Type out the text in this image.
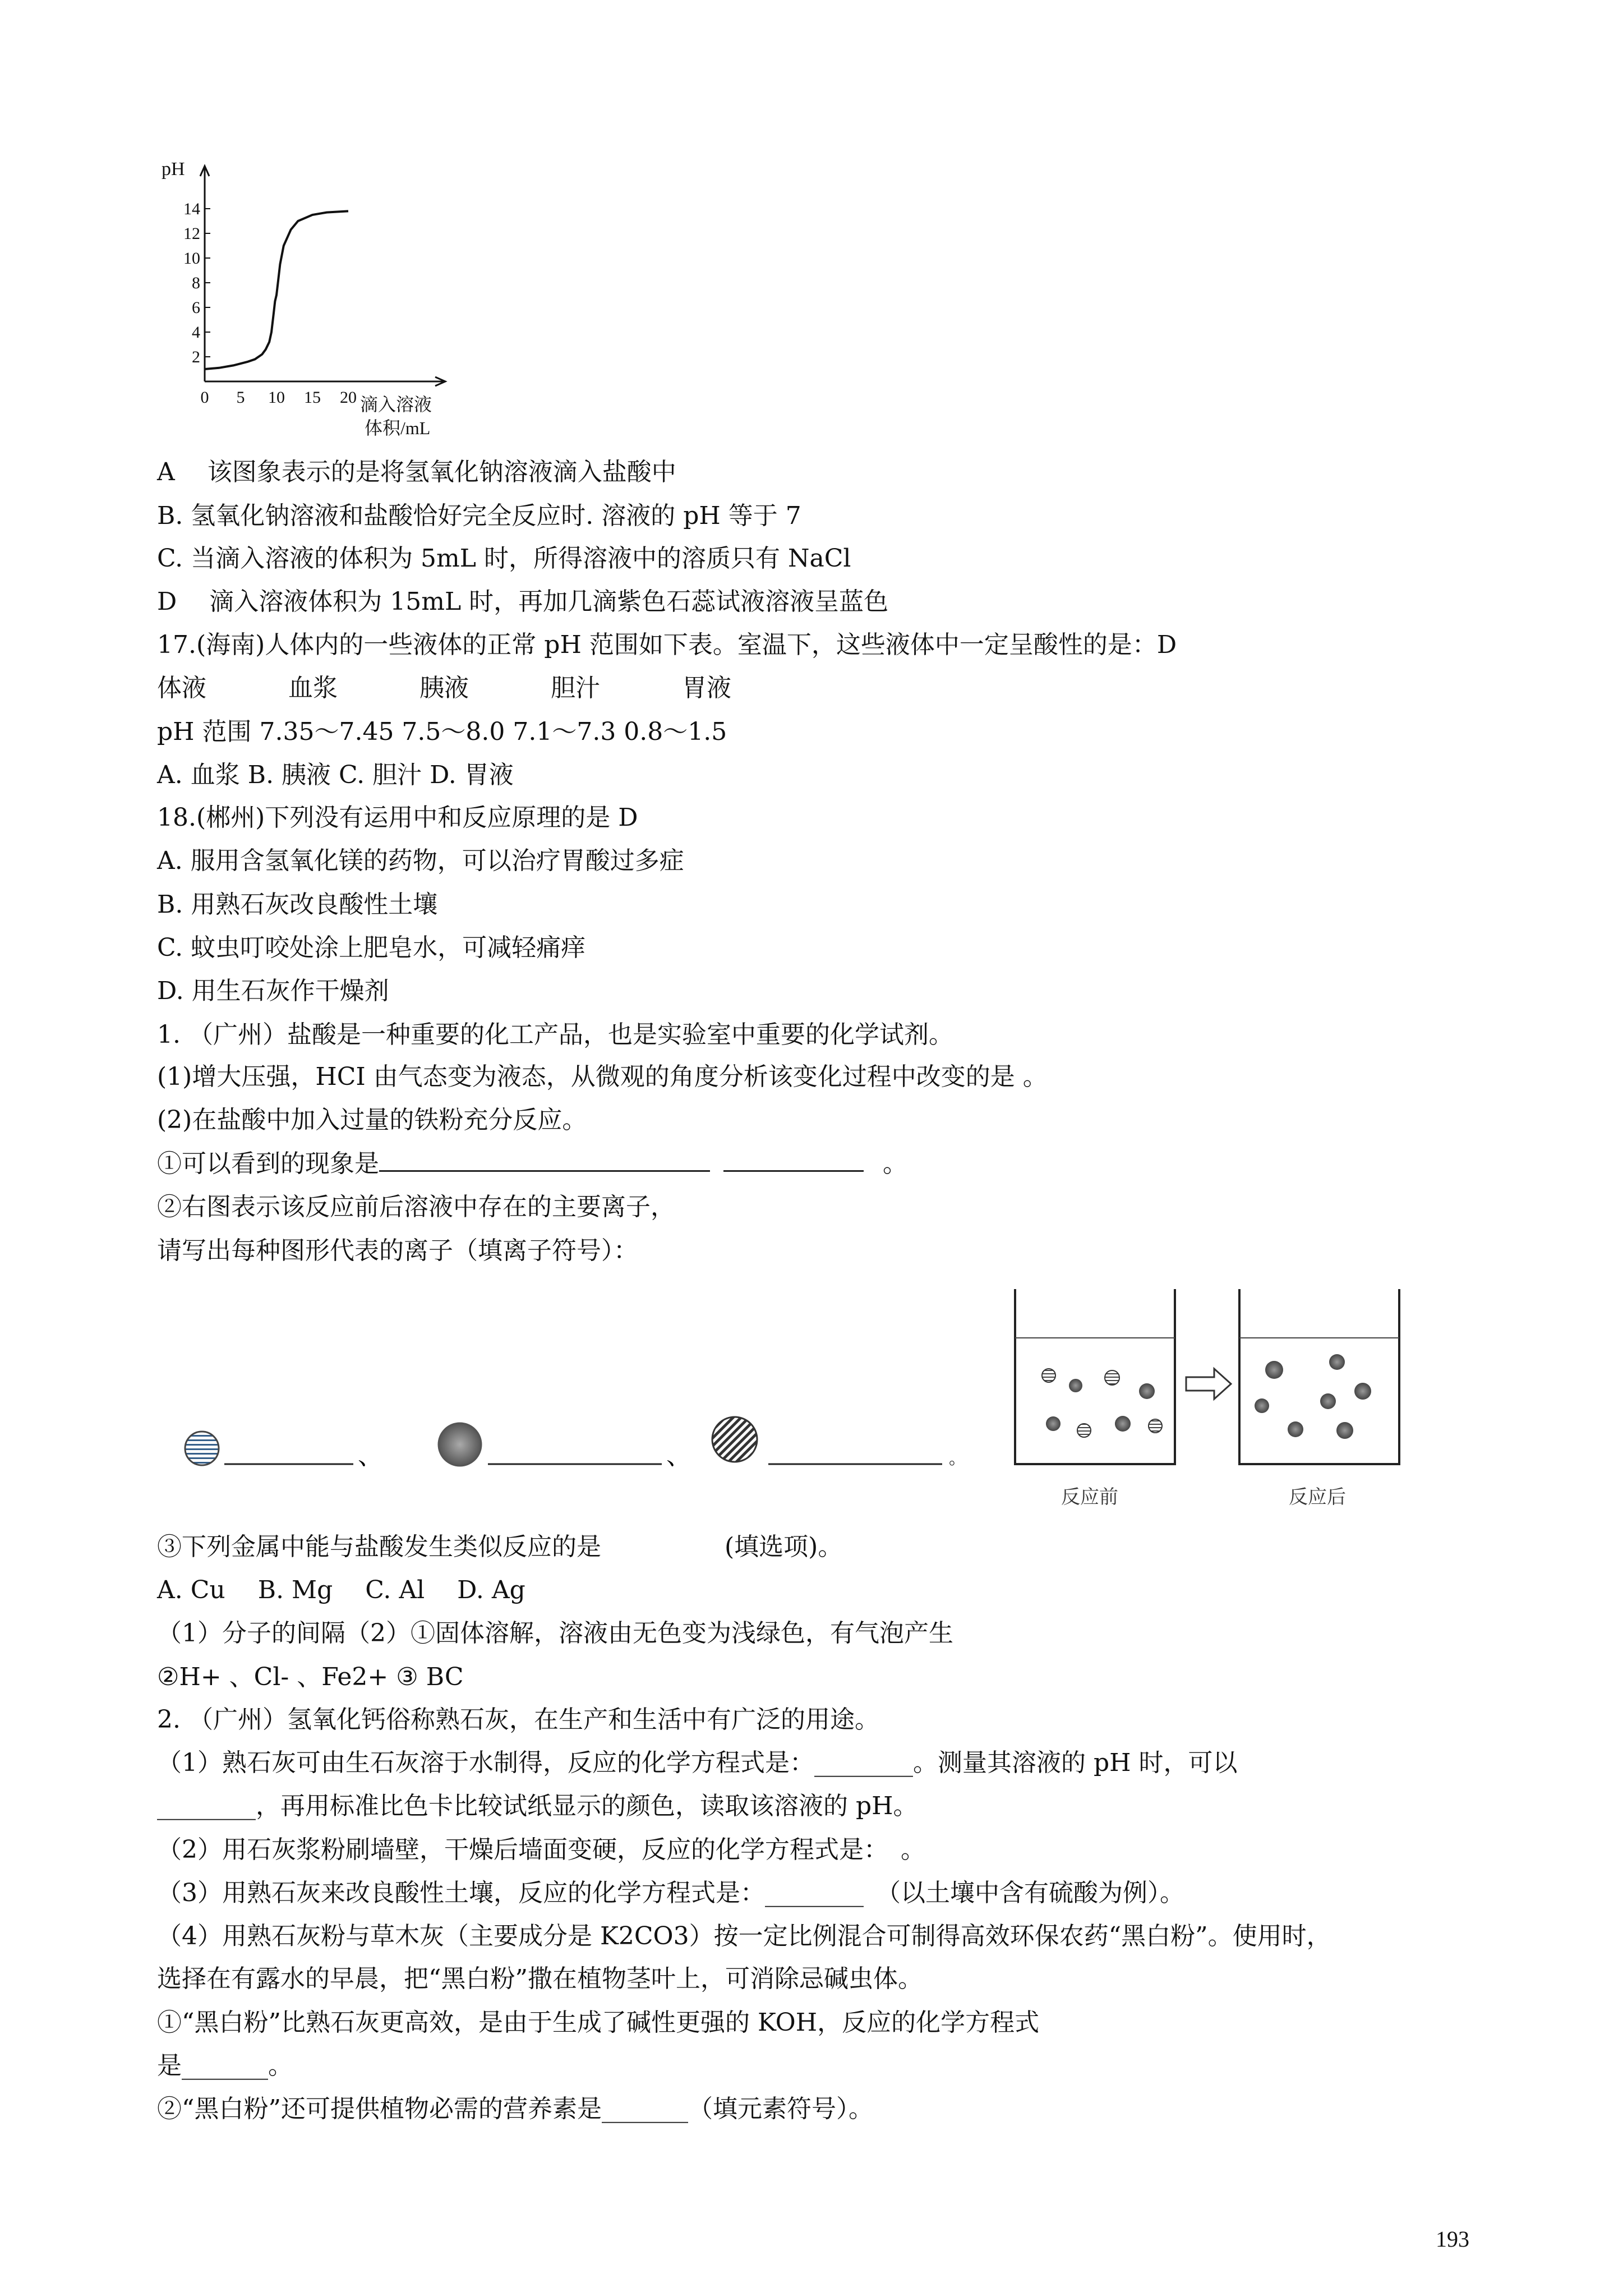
2
4
6
8
10
12
14
0 5 10 15 20
pH
滴入溶液
体积/mL
A　 该图象表示的是将氢氧化钠溶液滴入盐酸中
B. 氢氧化钠溶液和盐酸恰好完全反应时. 溶液的 pH 等于 7
C. 当滴入溶液的体积为 5mL 时，所得溶液中的溶质只有 NaCl
D　 滴入溶液体积为 15mL 时，再加几滴紫色石蕊试液溶液呈蓝色
17.(海南)人体内的一些液体的正常 pH 范围如下表。室温下，这些液体中一定呈酸性的是：D
体液　　　 血浆　　　 胰液　　　 胆汁　　　 胃液
pH 范围 7.35～7.45 7.5～8.0 7.1～7.3 0.8～1.5
A. 血浆 B. 胰液 C. 胆汁 D. 胃液
18.(郴州)下列没有运用中和反应原理的是 D
A. 服用含氢氧化镁的药物，可以治疗胃酸过多症
B. 用熟石灰改良酸性土壤
C. 蚊虫叮咬处涂上肥皂水，可减轻痛痒
D. 用生石灰作干燥剂
1. （广州）盐酸是一种重要的化工产品，也是实验室中重要的化学试剂。
(1)增大压强，HCI 由气态变为液态，从微观的角度分析该变化过程中改变的是 。
(2)在盐酸中加入过量的铁粉充分反应。
①可以看到的现象是	。
②右图表示该反应前后溶液中存在的主要离子，
请写出每种图形代表的离子（填离子符号）：
、	、	。
反应前	反应后
③下列金属中能与盐酸发生类似反应的是　　　　　(填选项)。
A. Cu　 B. Mg　 C. Al　 D. Ag
（1）分子的间隔（2）①固体溶解，溶液由无色变为浅绿色，有气泡产生
②H+ 、Cl- 、Fe2+ ③ BC
2. （广州）氢氧化钙俗称熟石灰，在生产和生活中有广泛的用途。
（1）熟石灰可由生石灰溶于水制得，反应的化学方程式是：________。测量其溶液的 pH 时，可以
________，再用标准比色卡比较试纸显示的颜色，读取该溶液的 pH。
（2）用石灰浆粉刷墙壁，干燥后墙面变硬，反应的化学方程式是：　。
（3）用熟石灰来改良酸性土壤，反应的化学方程式是：________　（以土壤中含有硫酸为例）。
（4）用熟石灰粉与草木灰（主要成分是 K2CO3）按一定比例混合可制得高效环保农药“黑白粉”。使用时，
选择在有露水的早晨，把“黑白粉”撒在植物茎叶上，可消除忌碱虫体。
①“黑白粉”比熟石灰更高效，是由于生成了碱性更强的 KOH，反应的化学方程式
是_______。
②“黑白粉”还可提供植物必需的营养素是_______（填元素符号）。
193
